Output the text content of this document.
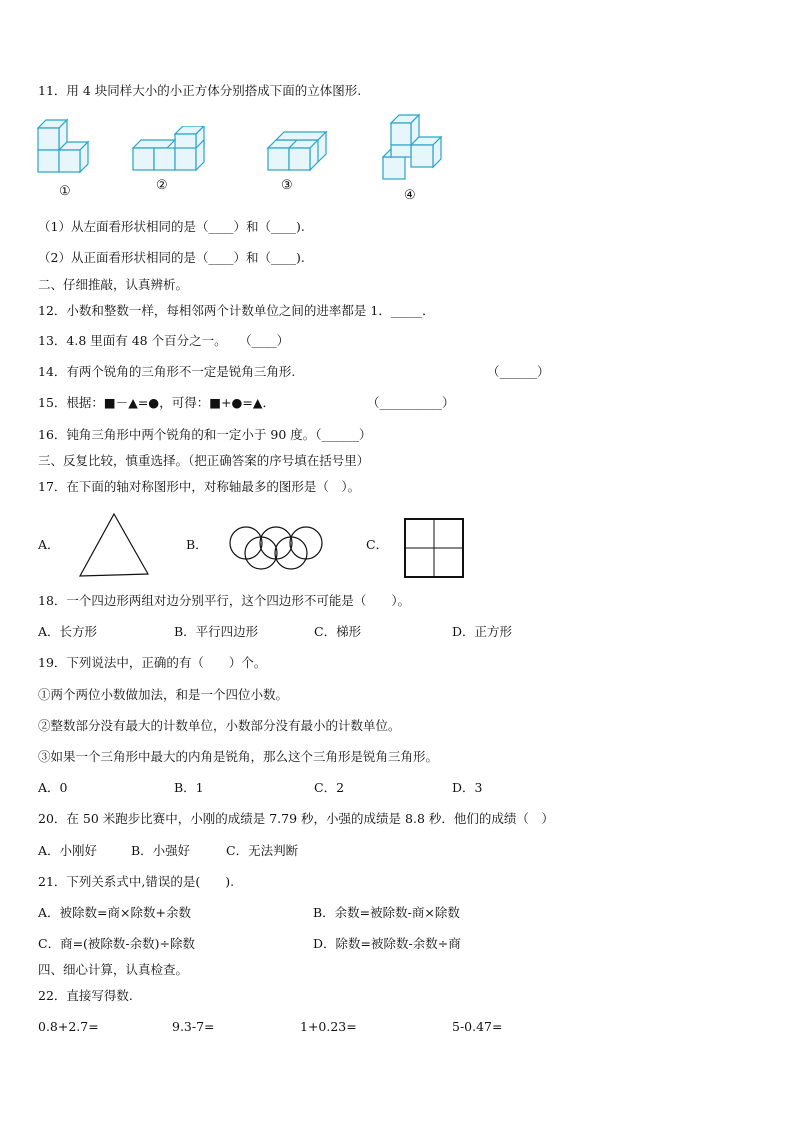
11．用 4 块同样大小的小正方体分别搭成下面的立体图形.
①	②	③
④
（1）从左面看形状相同的是（____）和（____).
（2）从正面看形状相同的是（____）和（____).
二、仔细推敲，认真辨析。
12．小数和整数一样，每相邻两个计数单位之间的进率都是 1．_____．
13．4.8 里面有 48 个百分之一。　　（____）
14．有两个锐角的三角形不一定是锐角三角形.	（______）
15．根据：■－▲=●，可得：■+●=▲．	（__________）
16．钝角三角形中两个锐角的和一定小于 90 度。（______）
三、反复比较，慎重选择。（把正确答案的序号填在括号里）
17．在下面的轴对称图形中，对称轴最多的图形是（　）。
A．	B．	C．
18．一个四边形两组对边分别平行，这个四边形不可能是（　　）。
A．长方形	B．平行四边形	C．梯形	D．正方形
19．下列说法中，正确的有（　　）个。
①两个两位小数做加法，和是一个四位小数。
②整数部分没有最大的计数单位，小数部分没有最小的计数单位。
③如果一个三角形中最大的内角是锐角，那么这个三角形是锐角三角形。
A．0	B．1	C．2	D．3
20．在 50 米跑步比赛中，小刚的成绩是 7.79 秒，小强的成绩是 8.8 秒．他们的成绩（　）
A．小刚好	B．小强好	C．无法判断
21．下列关系式中,错误的是(　　).
A．被除数=商×除数+余数	B．余数=被除数-商×除数
C．商=(被除数-余数)÷除数	D．除数=被除数-余数÷商
四、细心计算，认真检查。
22．直接写得数.
0.8+2.7=	9.3-7=	1+0.23=	5-0.47=
